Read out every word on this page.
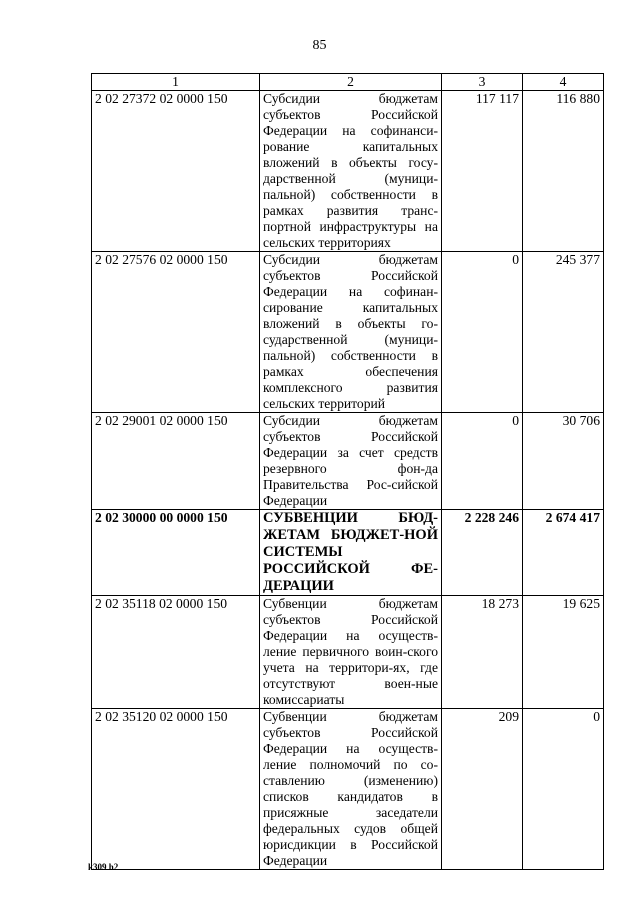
85
1	2	3	4
2 02 27372 02 0000 150	Субсидии бюджетам субъектов Российской Федерации на софинанси-рование капитальных вложений в объекты госу-дарственной (муници-пальной) собственности в рамках развития транс-портной инфраструктуры на сельских территориях	117 117	116 880
2 02 27576 02 0000 150	Субсидии бюджетам субъектов Российской Федерации на софинан-сирование капитальных вложений в объекты го-сударственной (муници-пальной) собственности в рамках обеспечения комплексного развития сельских территорий	0	245 377
2 02 29001 02 0000 150	Субсидии бюджетам субъектов Российской Федерации за счет средств резервного фон-да Правительства Рос-сийской Федерации	0	30 706
2 02 30000 00 0000 150	СУБВЕНЦИИ БЮД-ЖЕТАМ БЮДЖЕТ-НОЙ СИСТЕМЫ РОССИЙСКОЙ ФЕ-ДЕРАЦИИ	2 228 246	2 674 417
2 02 35118 02 0000 150	Субвенции бюджетам субъектов Российской Федерации на осуществ-ление первичного воин-ского учета на территори-ях, где отсутствуют воен-ные комиссариаты	18 273	19 625
2 02 35120 02 0000 150	Субвенции бюджетам субъектов Российской Федерации на осуществ-ление полномочий по со-ставлению (изменению) списков кандидатов в присяжные заседатели федеральных судов общей юрисдикции в Российской Федерации	209	0
k309 h2
